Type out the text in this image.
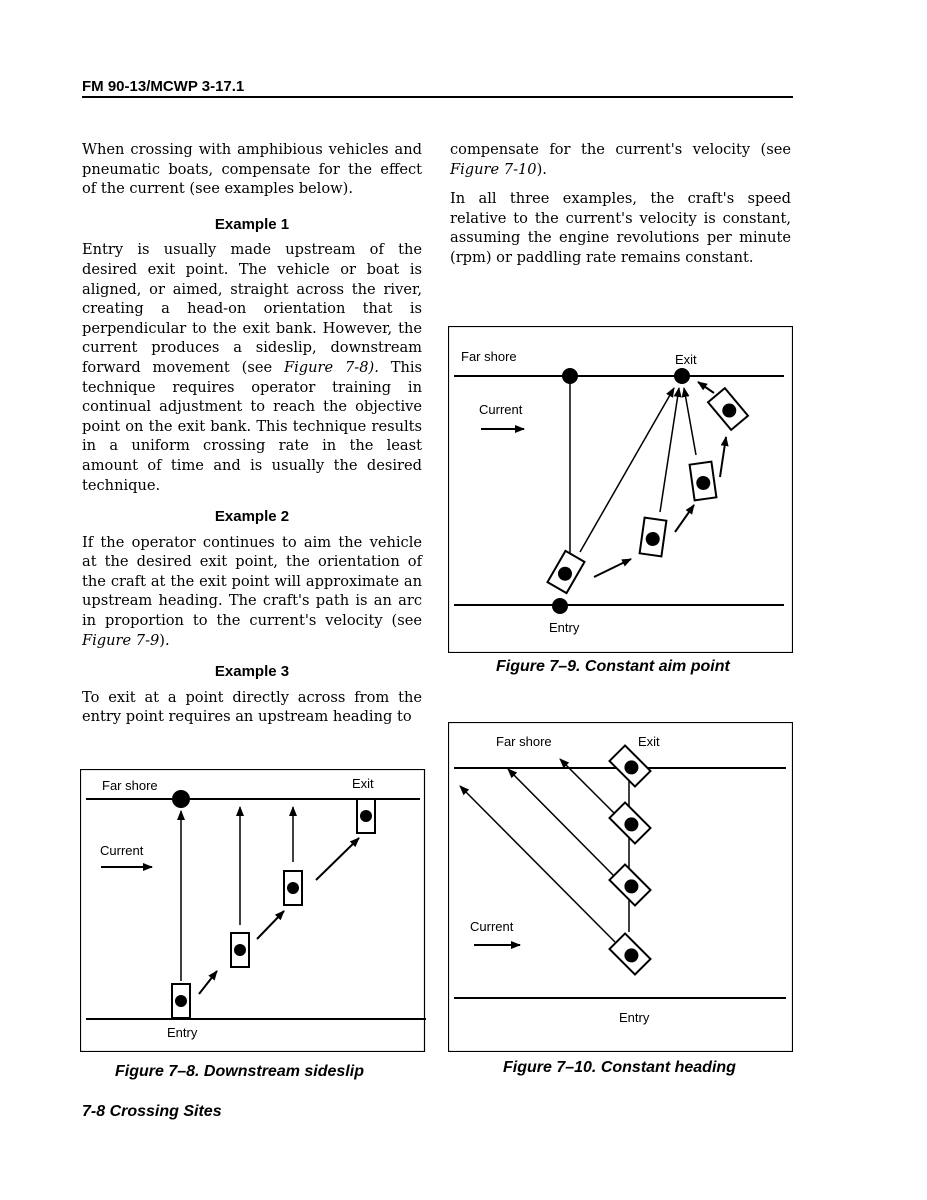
FM 90-13/MCWP 3-17.1

When crossing with amphibious vehicles and pneumatic boats, compensate for the effect of the current (see examples below).

Example 1

Entry is usually made upstream of the desired exit point. The vehicle or boat is aligned, or aimed, straight across the river, creating a head-on orientation that is perpendicular to the exit bank. However, the current produces a sideslip, downstream forward movement (see Figure 7-8). This technique requires operator training in continual adjustment to reach the objective point on the exit bank. This technique results in a uniform crossing rate in the least amount of time and is usually the desired technique.

Example 2

If the operator continues to aim the vehicle at the desired exit point, the orientation of the craft at the exit point will approximate an upstream heading. The craft's path is an arc in proportion to the current's velocity (see Figure 7-9).

Example 3

To exit at a point directly across from the entry point requires an upstream heading to

compensate for the current's velocity (see Figure 7-10).

In all three examples, the craft's speed relative to the current's velocity is constant, assuming the engine revolutions per minute (rpm) or paddling rate remains constant.

Far shore	Exit
Current
Entry
Figure 7–9. Constant aim point
Far shore	Exit
Current
Entry
Figure 7–10. Constant heading
Far shore	Exit
Current
Entry
Figure 7–8. Downstream sideslip
7-8 Crossing Sites
